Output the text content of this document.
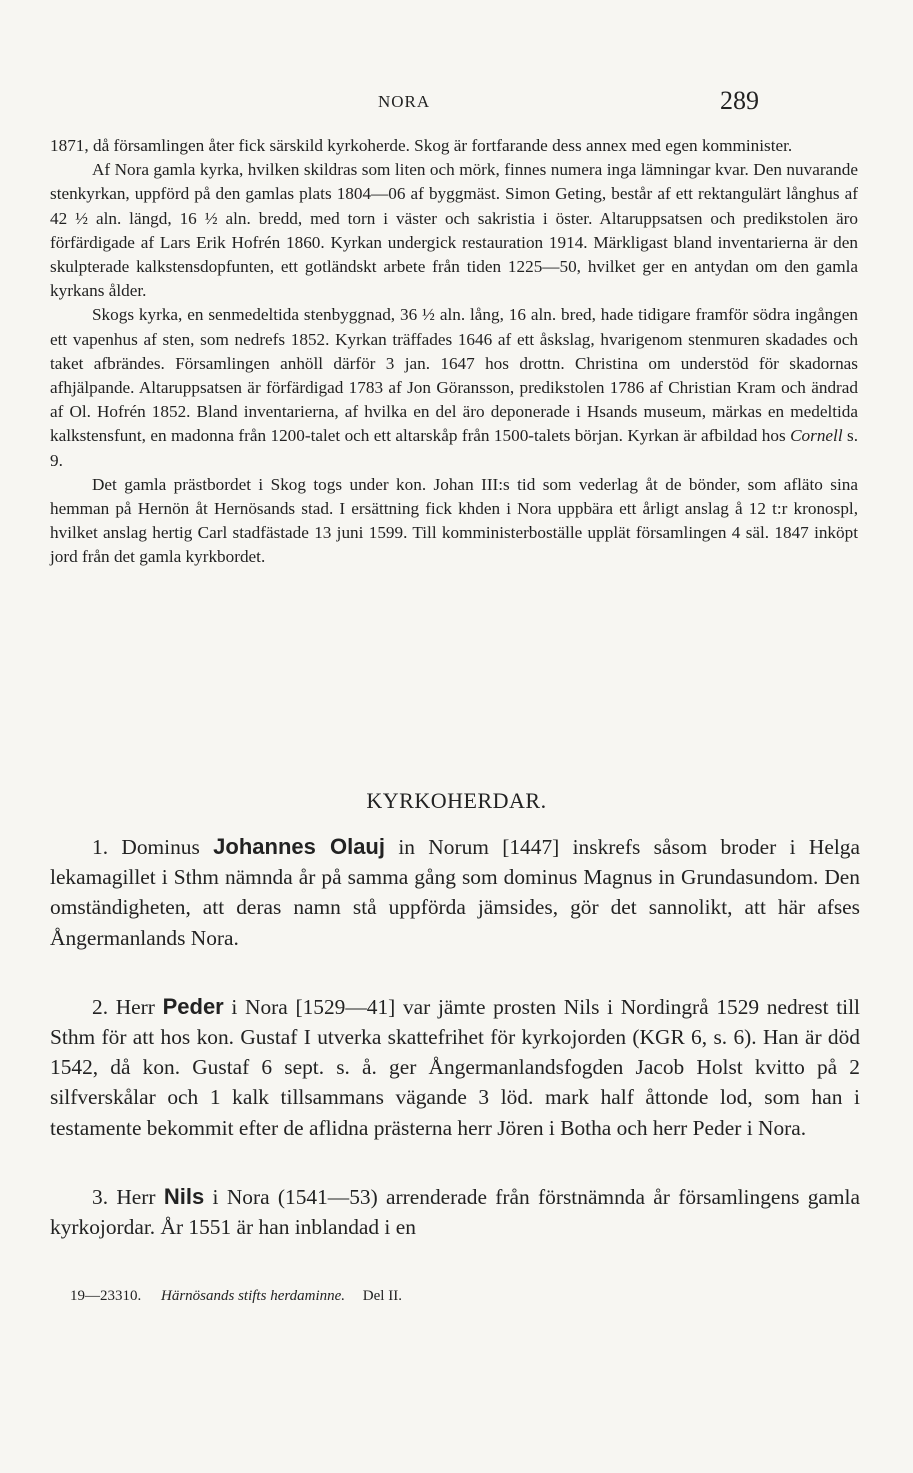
NORA	289

1871, då församlingen åter fick särskild kyrkoherde. Skog är fortfarande dess annex med egen komminister.

Af Nora gamla kyrka, hvilken skildras som liten och mörk, finnes numera inga lämningar kvar. Den nuvarande stenkyrkan, uppförd på den gamlas plats 1804—06 af byggmäst. Simon Geting, består af ett rektangulärt långhus af 42 ½ aln. längd, 16 ½ aln. bredd, med torn i väster och sakristia i öster. Altaruppsatsen och predikstolen äro förfärdigade af Lars Erik Hofrén 1860. Kyrkan undergick restauration 1914. Märkligast bland inventarierna är den skulpterade kalkstensdopfunten, ett gotländskt arbete från tiden 1225—50, hvilket ger en antydan om den gamla kyrkans ålder.

Skogs kyrka, en senmedeltida stenbyggnad, 36 ½ aln. lång, 16 aln. bred, hade tidigare framför södra ingången ett vapenhus af sten, som nedrefs 1852. Kyrkan träffades 1646 af ett åskslag, hvarigenom stenmuren skadades och taket afbrändes. Församlingen anhöll därför 3 jan. 1647 hos drottn. Christina om understöd för skadornas afhjälpande. Altaruppsatsen är förfärdigad 1783 af Jon Göransson, predikstolen 1786 af Christian Kram och ändrad af Ol. Hofrén 1852. Bland inventarierna, af hvilka en del äro deponerade i Hsands museum, märkas en medeltida kalkstensfunt, en madonna från 1200-talet och ett altarskåp från 1500-talets början. Kyrkan är afbildad hos Cornell s. 9.

Det gamla prästbordet i Skog togs under kon. Johan III:s tid som vederlag åt de bönder, som afläto sina hemman på Hernön åt Hernösands stad. I ersättning fick khden i Nora uppbära ett årligt anslag å 12 t:r kronospl, hvilket anslag hertig Carl stadfästade 13 juni 1599. Till komministerboställe upplät församlingen 4 säl. 1847 inköpt jord från det gamla kyrkbordet.

KYRKOHERDAR.

1. Dominus Johannes Olauj in Norum [1447] inskrefs såsom broder i Helga lekamagillet i Sthm nämnda år på samma gång som dominus Magnus in Grundasundom. Den omständigheten, att deras namn stå uppförda jämsides, gör det sannolikt, att här afses Ångermanlands Nora.

2. Herr Peder i Nora [1529—41] var jämte prosten Nils i Nordingrå 1529 nedrest till Sthm för att hos kon. Gustaf I utverka skattefrihet för kyrkojorden (KGR 6, s. 6). Han är död 1542, då kon. Gustaf 6 sept. s. å. ger Ångermanlandsfogden Jacob Holst kvitto på 2 silfverskålar och 1 kalk tillsammans vägande 3 löd. mark half åttonde lod, som han i testamente bekommit efter de aflidna prästerna herr Jören i Botha och herr Peder i Nora.

3. Herr Nils i Nora (1541—53) arrenderade från förstnämnda år församlingens gamla kyrkojordar. År 1551 är han inblandad i en

19—23310. Härnösands stifts herdaminne. Del II.
